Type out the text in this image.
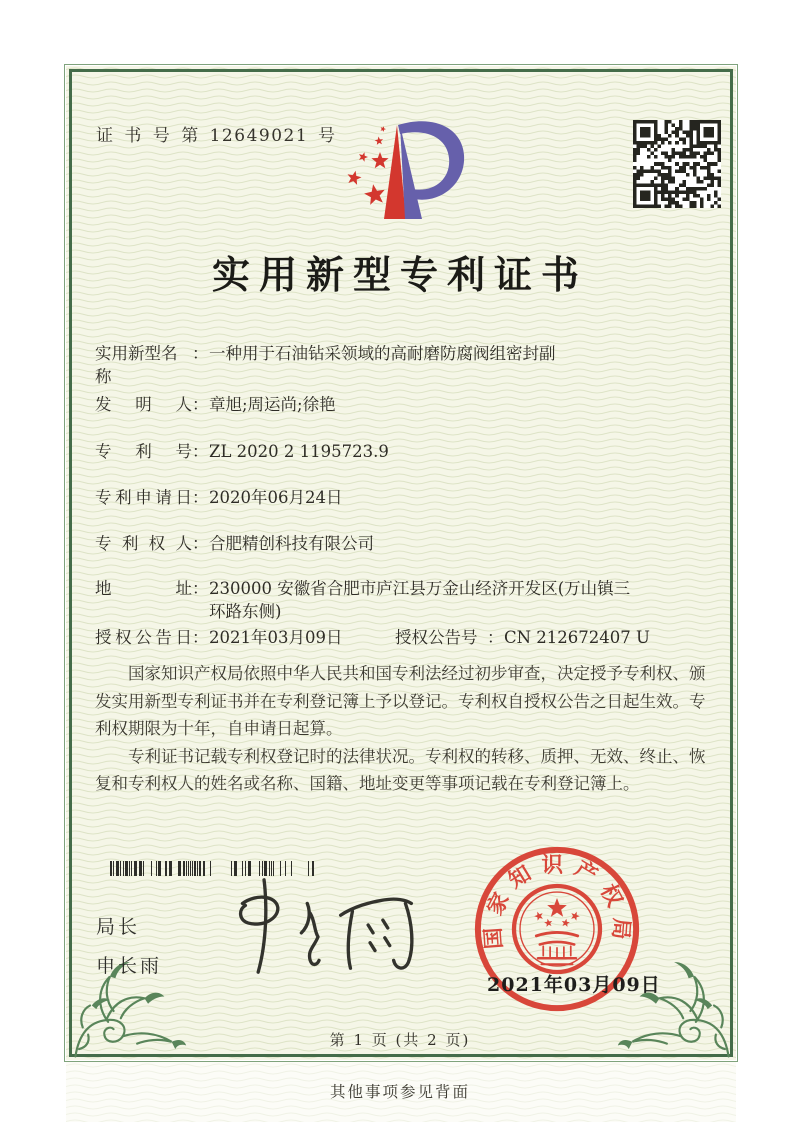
证 书 号 第 12649021 号
实用新型专利证书
实用新型名称
： 一种用于石油钻采领域的高耐磨防腐阀组密封副
发明人 ： 章旭;周运尚;徐艳
专利号 ： ZL 2020 2 1195723.9
专利申请日 ： 2020年06月24日
专利权人 ： 合肥精创科技有限公司
地址 ： 230000 安徽省合肥市庐江县万金山经济开发区(万山镇三环路东侧)
授权公告日 ： 2021年03月09日	授权公告号 ： CN 212672407 U

国家知识产权局依照中华人民共和国专利法经过初步审查，决定授予专利权、颁发实用新型专利证书并在专利登记簿上予以登记。专利权自授权公告之日起生效。专利权期限为十年，自申请日起算。

专利证书记载专利权登记时的法律状况。专利权的转移、质押、无效、终止、恢复和专利权人的姓名或名称、国籍、地址变更等事项记载在专利登记簿上。

局长
申长雨
国家知识产权局
2021年03月09日
第 1 页 (共 2 页)
其他事项参见背面
